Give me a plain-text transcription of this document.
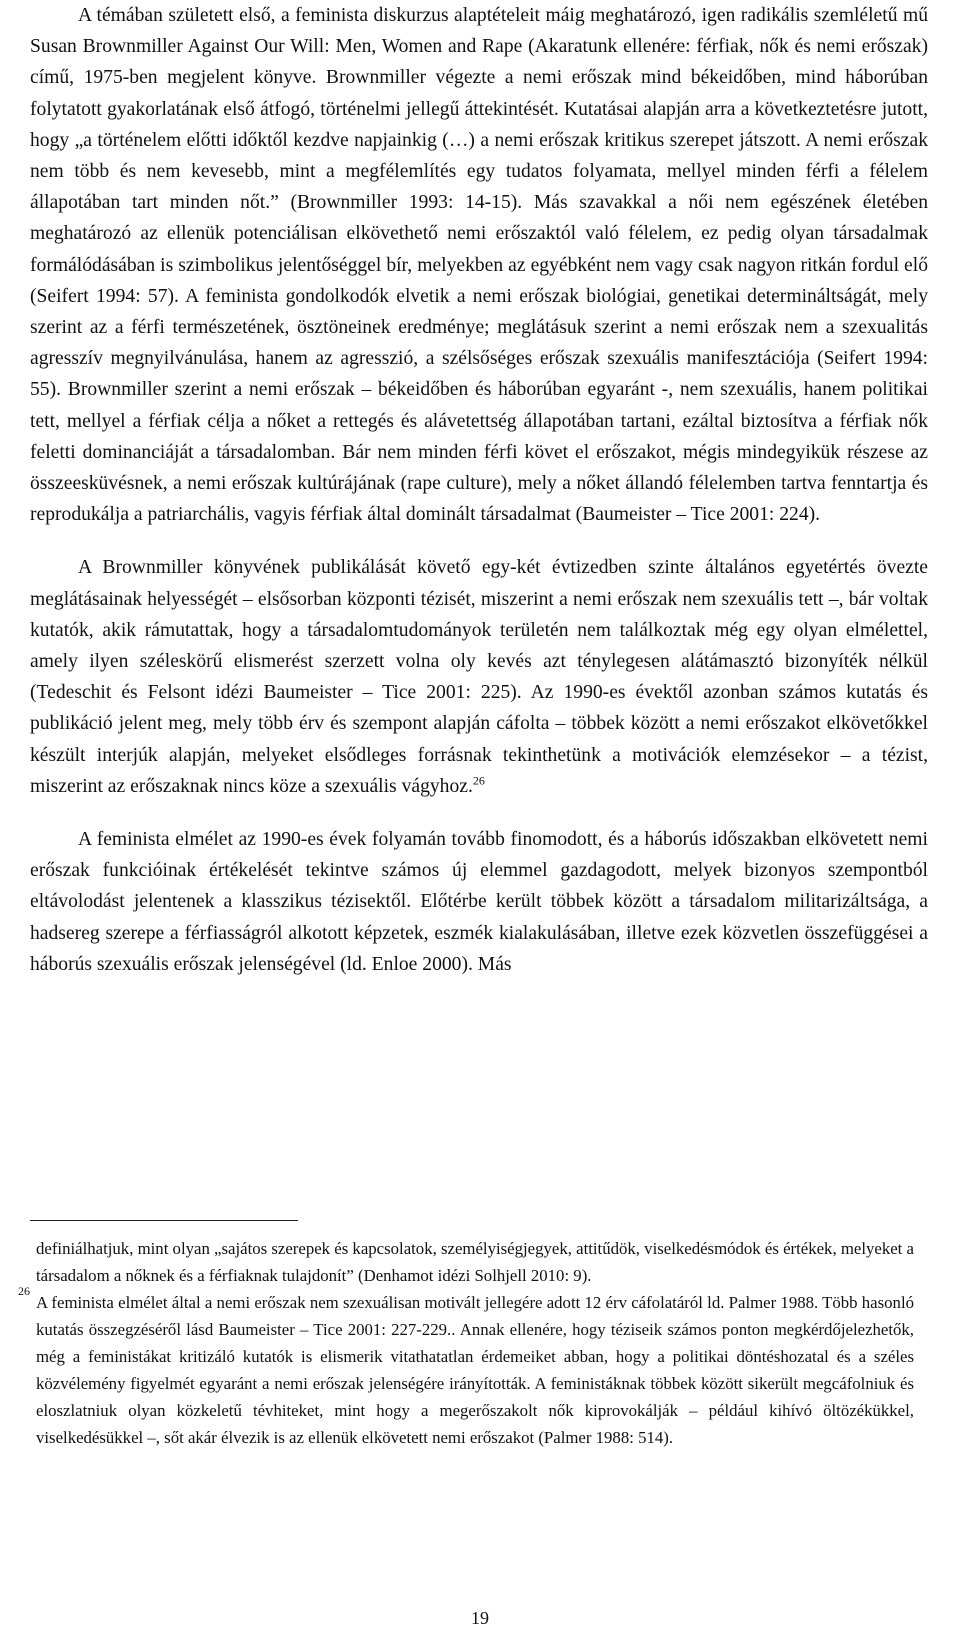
A témában született első, a feminista diskurzus alaptételeit máig meghatározó, igen radikális szemléletű mű Susan Brownmiller Against Our Will: Men, Women and Rape (Akaratunk ellenére: férfiak, nők és nemi erőszak) című, 1975-ben megjelent könyve. Brownmiller végezte a nemi erőszak mind békeidőben, mind háborúban folytatott gyakorlatának első átfogó, történelmi jellegű áttekintését. Kutatásai alapján arra a következtetésre jutott, hogy „a történelem előtti időktől kezdve napjainkig (…) a nemi erőszak kritikus szerepet játszott. A nemi erőszak nem több és nem kevesebb, mint a megfélemlítés egy tudatos folyamata, mellyel minden férfi a félelem állapotában tart minden nőt.” (Brownmiller 1993: 14-15). Más szavakkal a női nem egészének életében meghatározó az ellenük potenciálisan elkövethető nemi erőszaktól való félelem, ez pedig olyan társadalmak formálódásában is szimbolikus jelentőséggel bír, melyekben az egyébként nem vagy csak nagyon ritkán fordul elő (Seifert 1994: 57). A feminista gondolkodók elvetik a nemi erőszak biológiai, genetikai determináltságát, mely szerint az a férfi természetének, ösztöneinek eredménye; meglátásuk szerint a nemi erőszak nem a szexualitás agresszív megnyilvánulása, hanem az agresszió, a szélsőséges erőszak szexuális manifesztációja (Seifert 1994: 55). Brownmiller szerint a nemi erőszak – békeidőben és háborúban egyaránt -, nem szexuális, hanem politikai tett, mellyel a férfiak célja a nőket a rettegés és alávetettség állapotában tartani, ezáltal biztosítva a férfiak nők feletti dominanciáját a társadalomban. Bár nem minden férfi követ el erőszakot, mégis mindegyikük részese az összeesküvésnek, a nemi erőszak kultúrájának (rape culture), mely a nőket állandó félelemben tartva fenntartja és reprodukálja a patriarchális, vagyis férfiak által dominált társadalmat (Baumeister – Tice 2001: 224).

A Brownmiller könyvének publikálását követő egy-két évtizedben szinte általános egyetértés övezte meglátásainak helyességét – elsősorban központi tézisét, miszerint a nemi erőszak nem szexuális tett –, bár voltak kutatók, akik rámutattak, hogy a társadalomtudományok területén nem találkoztak még egy olyan elmélettel, amely ilyen széleskörű elismerést szerzett volna oly kevés azt ténylegesen alátámasztó bizonyíték nélkül (Tedeschit és Felsont idézi Baumeister – Tice 2001: 225). Az 1990-es évektől azonban számos kutatás és publikáció jelent meg, mely több érv és szempont alapján cáfolta – többek között a nemi erőszakot elkövetőkkel készült interjúk alapján, melyeket elsődleges forrásnak tekinthetünk a motivációk elemzésekor – a tézist, miszerint az erőszaknak nincs köze a szexuális vágyhoz.$^{26}$

A feminista elmélet az 1990-es évek folyamán tovább finomodott, és a háborús időszakban elkövetett nemi erőszak funkcióinak értékelését tekintve számos új elemmel gazdagodott, melyek bizonyos szempontból eltávolodást jelentenek a klasszikus tézisektől. Előtérbe került többek között a társadalom militarizáltsága, a hadsereg szerepe a férfiasságról alkotott képzetek, eszmék kialakulásában, illetve ezek közvetlen összefüggései a háborús szexuális erőszak jelenségével (ld. Enloe 2000). Más

definiálhatjuk, mint olyan „sajátos szerepek és kapcsolatok, személyiségjegyek, attitűdök, viselkedésmódok és értékek, melyeket a társadalom a nőknek és a férfiaknak tulajdonít” (Denhamot idézi Solhjell 2010: 9).

26

A feminista elmélet által a nemi erőszak nem szexuálisan motivált jellegére adott 12 érv cáfolatáról ld. Palmer 1988. Több hasonló kutatás összegzéséről lásd Baumeister – Tice 2001: 227-229.. Annak ellenére, hogy téziseik számos ponton megkérdőjelezhetők, még a feministákat kritizáló kutatók is elismerik vitathatatlan érdemeiket abban, hogy a politikai döntéshozatal és a széles közvélemény figyelmét egyaránt a nemi erőszak jelenségére irányították. A feministáknak többek között sikerült megcáfolniuk és eloszlatniuk olyan közkeletű tévhiteket, mint hogy a megerőszakolt nők kiprovokálják – például kihívó öltözékükkel, viselkedésükkel –, sőt akár élvezik is az ellenük elkövetett nemi erőszakot (Palmer 1988: 514).

19
